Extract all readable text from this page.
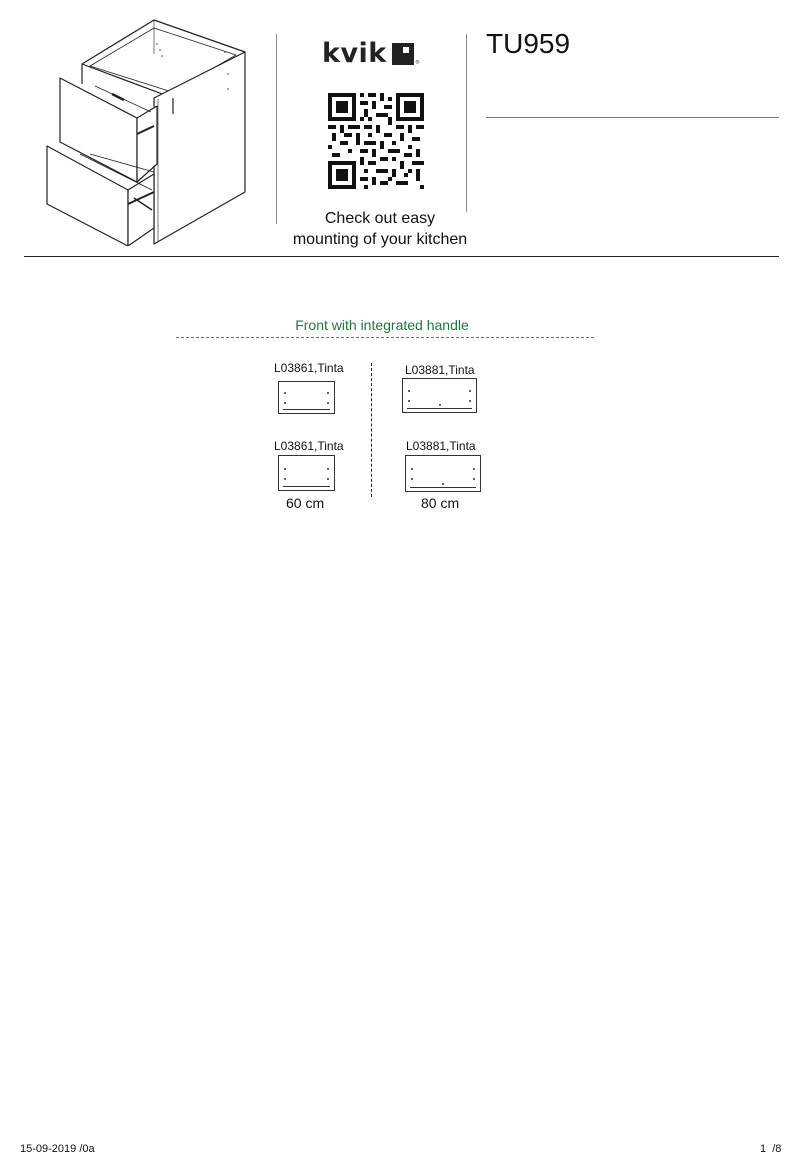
kvik	®
Check out easy
mounting of your kitchen
TU959
Front with integrated handle
L03861,Tinta
L03861,Tinta
60 cm
L03881,Tinta
L03881,Tinta
80 cm
15-09-2019 /0a	1  /8
